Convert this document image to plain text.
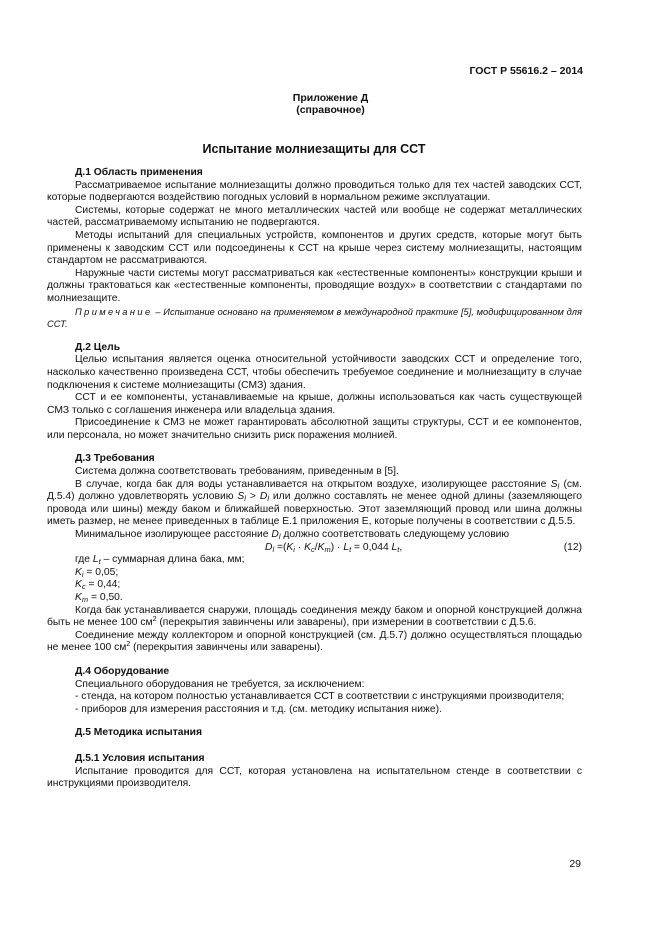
ГОСТ Р 55616.2 – 2014
Приложение Д
(справочное)
Испытание молниезащиты для ССТ

Д.1 Область применения

Рассматриваемое испытание молниезащиты должно проводиться только для тех частей заводских ССТ, которые подвергаются воздействию погодных условий в нормальном режиме эксплуатации.

Системы, которые содержат не много металлических частей или вообще не содержат металлических частей, рассматриваемому испытанию не подвергаются.

Методы испытаний для специальных устройств, компонентов и других средств, которые могут быть применены к заводским ССТ или подсоединены к ССТ на крыше через систему молниезащиты, настоящим стандартом не рассматриваются.

Наружные части системы могут рассматриваться как «естественные компоненты» конструкции крыши и должны трактоваться как «естественные компоненты, проводящие воздух» в соответствии с стандартами по молниезащите.

Примечание – Испытание основано на применяемом в международной практике [5], модифицированном для ССТ.

Д.2 Цель

Целью испытания является оценка относительной устойчивости заводских ССТ и определение того, насколько качественно произведена ССТ, чтобы обеспечить требуемое соединение и молниезащиту в случае подключения к системе молниезащиты (СМЗ) здания.

ССТ и ее компоненты, устанавливаемые на крыше, должны использоваться как часть существующей СМЗ только с соглашения инженера или владельца здания.

Присоединение к СМЗ не может гарантировать абсолютной защиты структуры, ССТ и ее компонентов, или персонала, но может значительно снизить риск поражения молнией.

Д.3 Требования

Система должна соответствовать требованиям, приведенным в [5].

В случае, когда бак для воды устанавливается на открытом воздухе, изолирующее расстояние $S_l$ (см. Д.5.4) должно удовлетворять условию $S_l > D_l$ или должно составлять не менее одной длины (заземляющего провода или шины) между баком и ближайшей поверхностью. Этот заземляющий провод или шина должны иметь размер, не менее приведенных в таблице Е.1 приложения Е, которые получены в соответствии с Д.5.5.

Минимальное изолирующее расстояние $D_l$ должно соответствовать следующему условию

$D_l =(K_i \cdot K_c/K_m) \cdot L_t = 0,044$ $L_t$,	(12)

где $L_t$ – суммарная длина бака, мм;

$K_i = 0,05$;

$K_c = 0,44$;

$K_m = 0,50$.

Когда бак устанавливается снаружи, площадь соединения между баком и опорной конструкцией должна быть не менее 100 $см^2$ (перекрытия завинчены или заварены), при измерении в соответствии с Д.5.6.

Соединение между коллектором и опорной конструкцией (см. Д.5.7) должно осуществляться площадью не менее 100 $см^2$ (перекрытия завинчены или заварены).

Д.4 Оборудование

Специального оборудования не требуется, за исключением:

- стенда, на котором полностью устанавливается ССТ в соответствии с инструкциями производителя;

- приборов для измерения расстояния и т.д. (см. методику испытания ниже).

Д.5 Методика испытания

Д.5.1 Условия испытания

Испытание проводится для ССТ, которая установлена на испытательном стенде в соответствии с инструкциями производителя.

29
